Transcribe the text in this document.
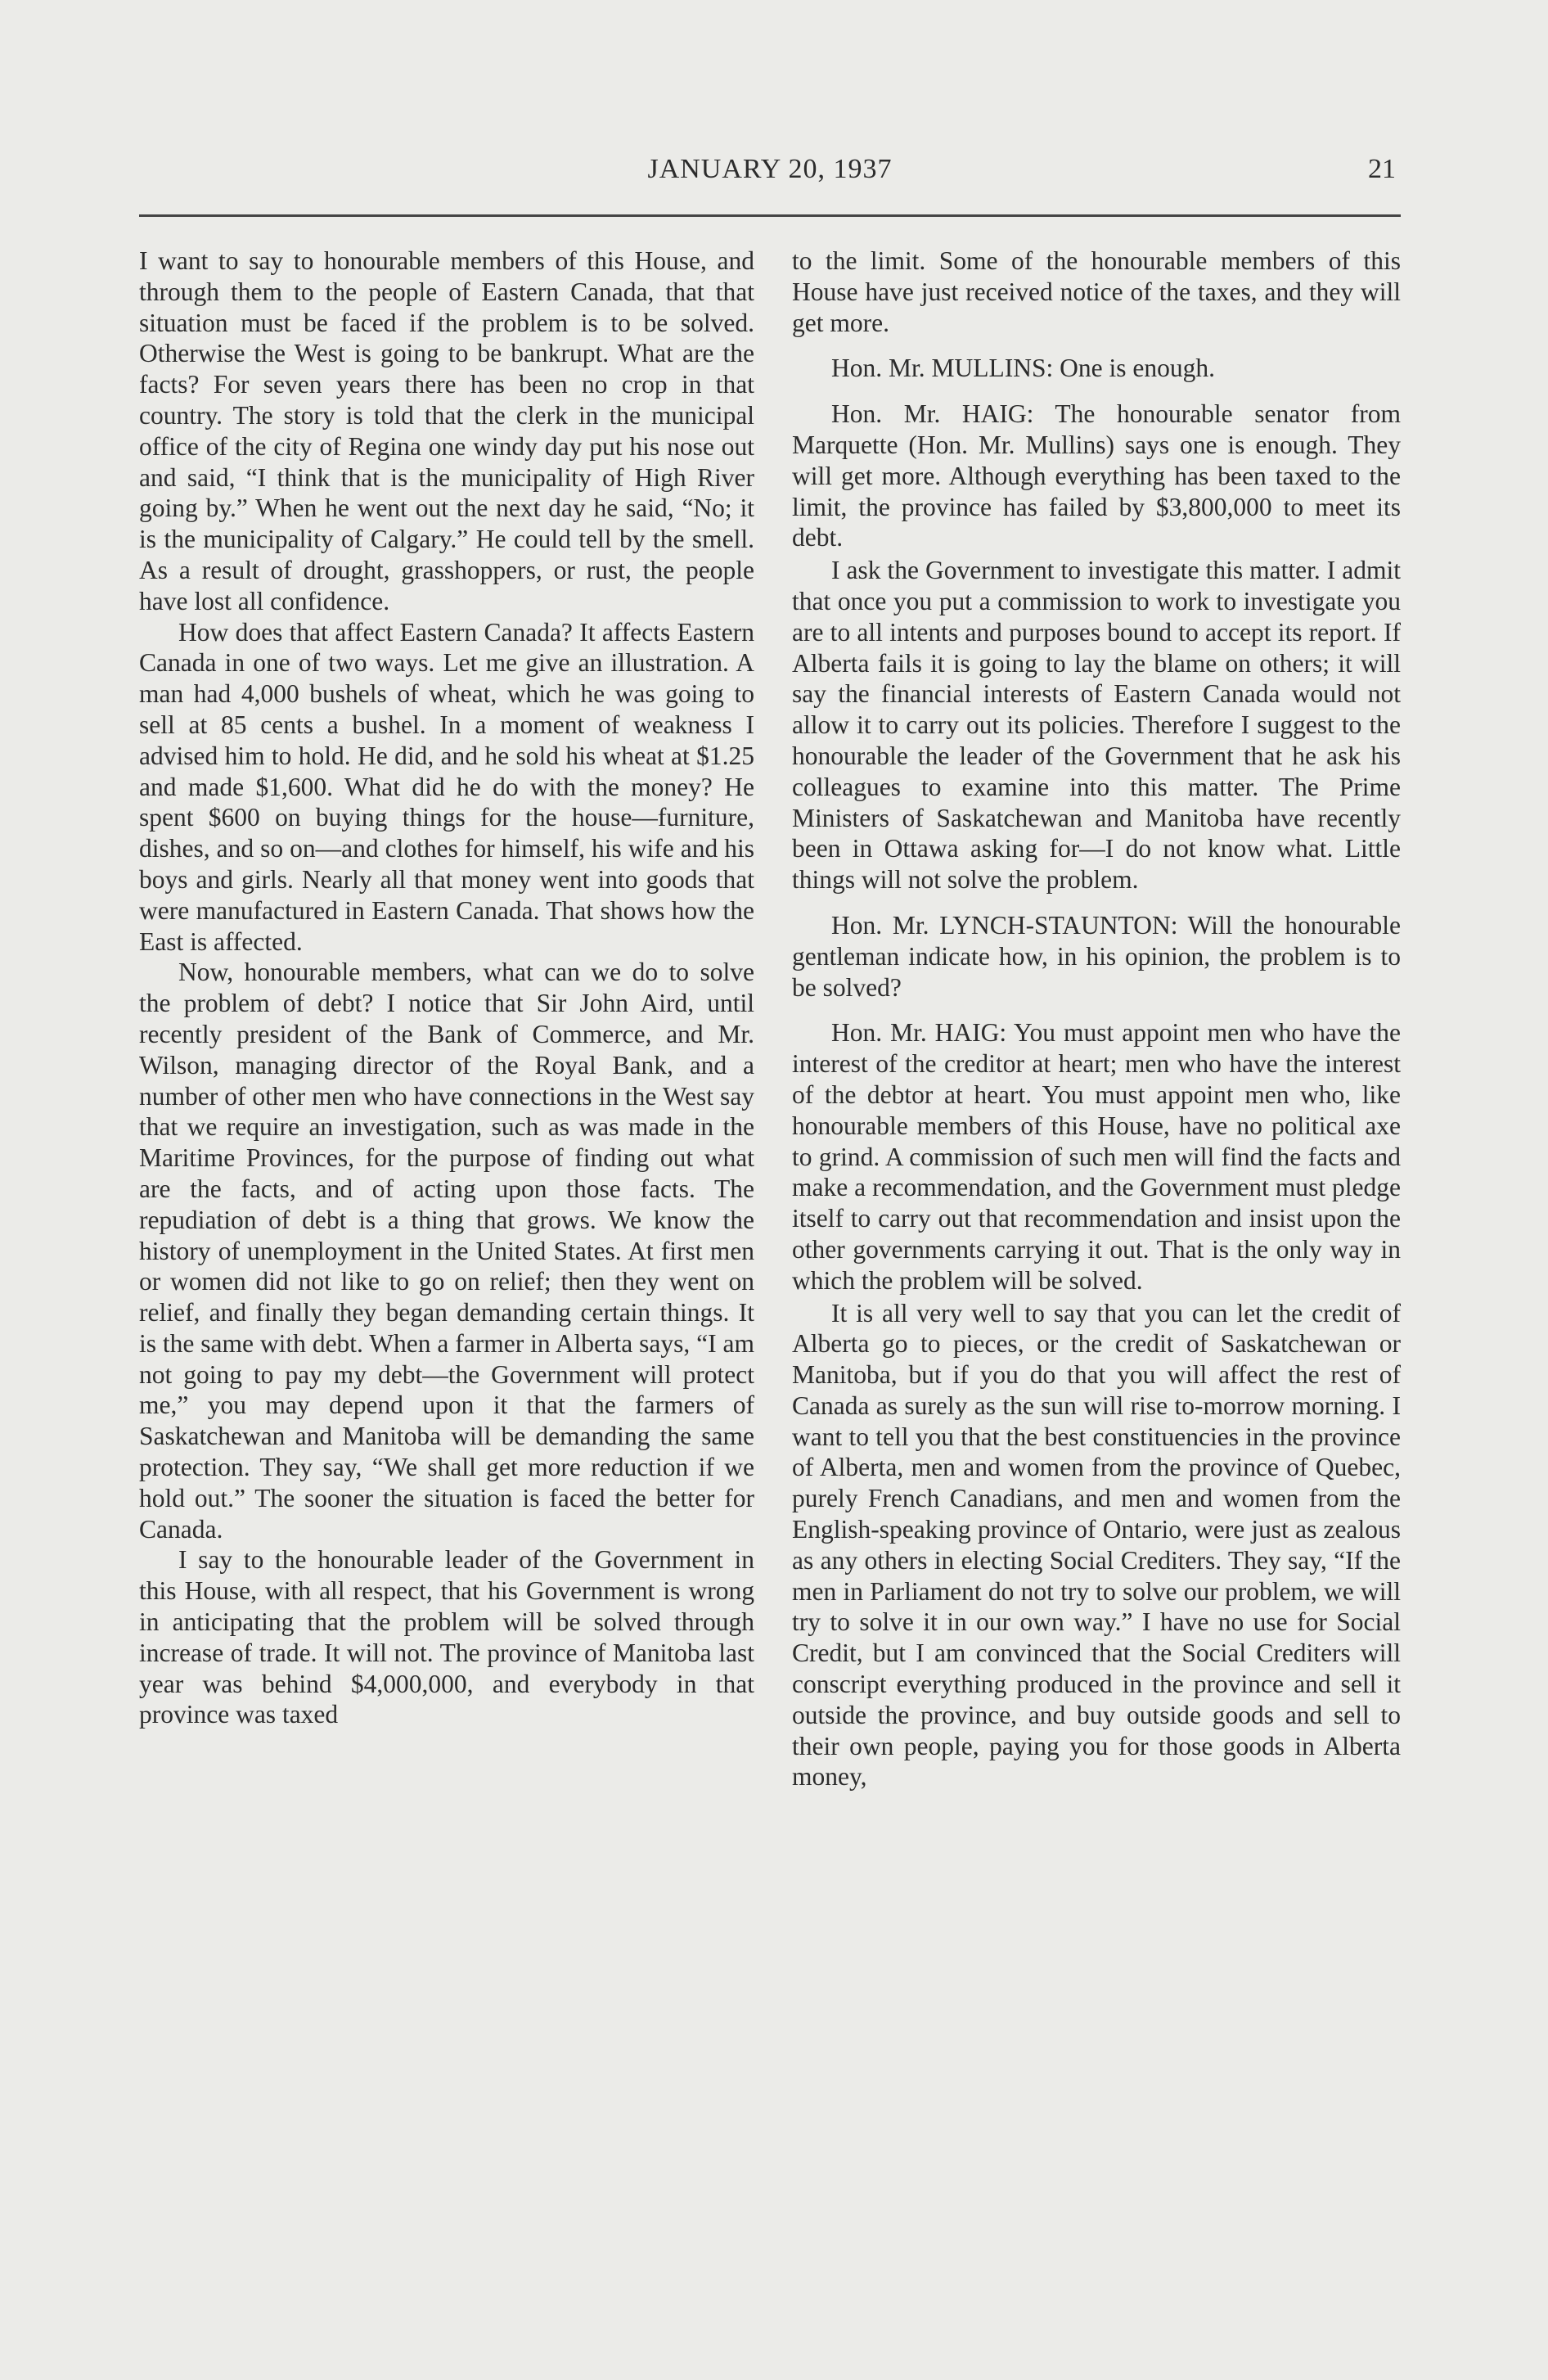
JANUARY 20, 1937	21

I want to say to honourable members of this House, and through them to the people of Eastern Canada, that that situation must be faced if the problem is to be solved. Otherwise the West is going to be bankrupt. What are the facts? For seven years there has been no crop in that country. The story is told that the clerk in the municipal office of the city of Regina one windy day put his nose out and said, “I think that is the municipality of High River going by.” When he went out the next day he said, “No; it is the municipality of Calgary.” He could tell by the smell. As a result of drought, grasshoppers, or rust, the people have lost all confidence.

How does that affect Eastern Canada? It affects Eastern Canada in one of two ways. Let me give an illustration. A man had 4,000 bushels of wheat, which he was going to sell at 85 cents a bushel. In a moment of weakness I advised him to hold. He did, and he sold his wheat at $1.25 and made $1,600. What did he do with the money? He spent $600 on buying things for the house—furniture, dishes, and so on—and clothes for himself, his wife and his boys and girls. Nearly all that money went into goods that were manufactured in Eastern Canada. That shows how the East is affected.

Now, honourable members, what can we do to solve the problem of debt? I notice that Sir John Aird, until recently president of the Bank of Commerce, and Mr. Wilson, managing director of the Royal Bank, and a number of other men who have connections in the West say that we require an investigation, such as was made in the Maritime Provinces, for the purpose of finding out what are the facts, and of acting upon those facts. The repudiation of debt is a thing that grows. We know the history of unemployment in the United States. At first men or women did not like to go on relief; then they went on relief, and finally they began demanding certain things. It is the same with debt. When a farmer in Alberta says, “I am not going to pay my debt—the Government will protect me,” you may depend upon it that the farmers of Saskatchewan and Manitoba will be demanding the same protection. They say, “We shall get more reduction if we hold out.” The sooner the situation is faced the better for Canada.

I say to the honourable leader of the Government in this House, with all respect, that his Government is wrong in anticipating that the problem will be solved through increase of trade. It will not. The province of Manitoba last year was behind $4,000,000, and everybody in that province was taxed

to the limit. Some of the honourable members of this House have just received notice of the taxes, and they will get more.

Hon. Mr. MULLINS: One is enough.

Hon. Mr. HAIG: The honourable senator from Marquette (Hon. Mr. Mullins) says one is enough. They will get more. Although everything has been taxed to the limit, the province has failed by $3,800,000 to meet its debt.

I ask the Government to investigate this matter. I admit that once you put a commission to work to investigate you are to all intents and purposes bound to accept its report. If Alberta fails it is going to lay the blame on others; it will say the financial interests of Eastern Canada would not allow it to carry out its policies. Therefore I suggest to the honourable the leader of the Government that he ask his colleagues to examine into this matter. The Prime Ministers of Saskatchewan and Manitoba have recently been in Ottawa asking for—I do not know what. Little things will not solve the problem.

Hon. Mr. LYNCH-STAUNTON: Will the honourable gentleman indicate how, in his opinion, the problem is to be solved?

Hon. Mr. HAIG: You must appoint men who have the interest of the creditor at heart; men who have the interest of the debtor at heart. You must appoint men who, like honourable members of this House, have no political axe to grind. A commission of such men will find the facts and make a recommendation, and the Government must pledge itself to carry out that recommendation and insist upon the other governments carrying it out. That is the only way in which the problem will be solved.

It is all very well to say that you can let the credit of Alberta go to pieces, or the credit of Saskatchewan or Manitoba, but if you do that you will affect the rest of Canada as surely as the sun will rise to-morrow morning. I want to tell you that the best constituencies in the province of Alberta, men and women from the province of Quebec, purely French Canadians, and men and women from the English-speaking province of Ontario, were just as zealous as any others in electing Social Crediters. They say, “If the men in Parliament do not try to solve our problem, we will try to solve it in our own way.” I have no use for Social Credit, but I am convinced that the Social Crediters will conscript everything produced in the province and sell it outside the province, and buy outside goods and sell to their own people, paying you for those goods in Alberta money,
